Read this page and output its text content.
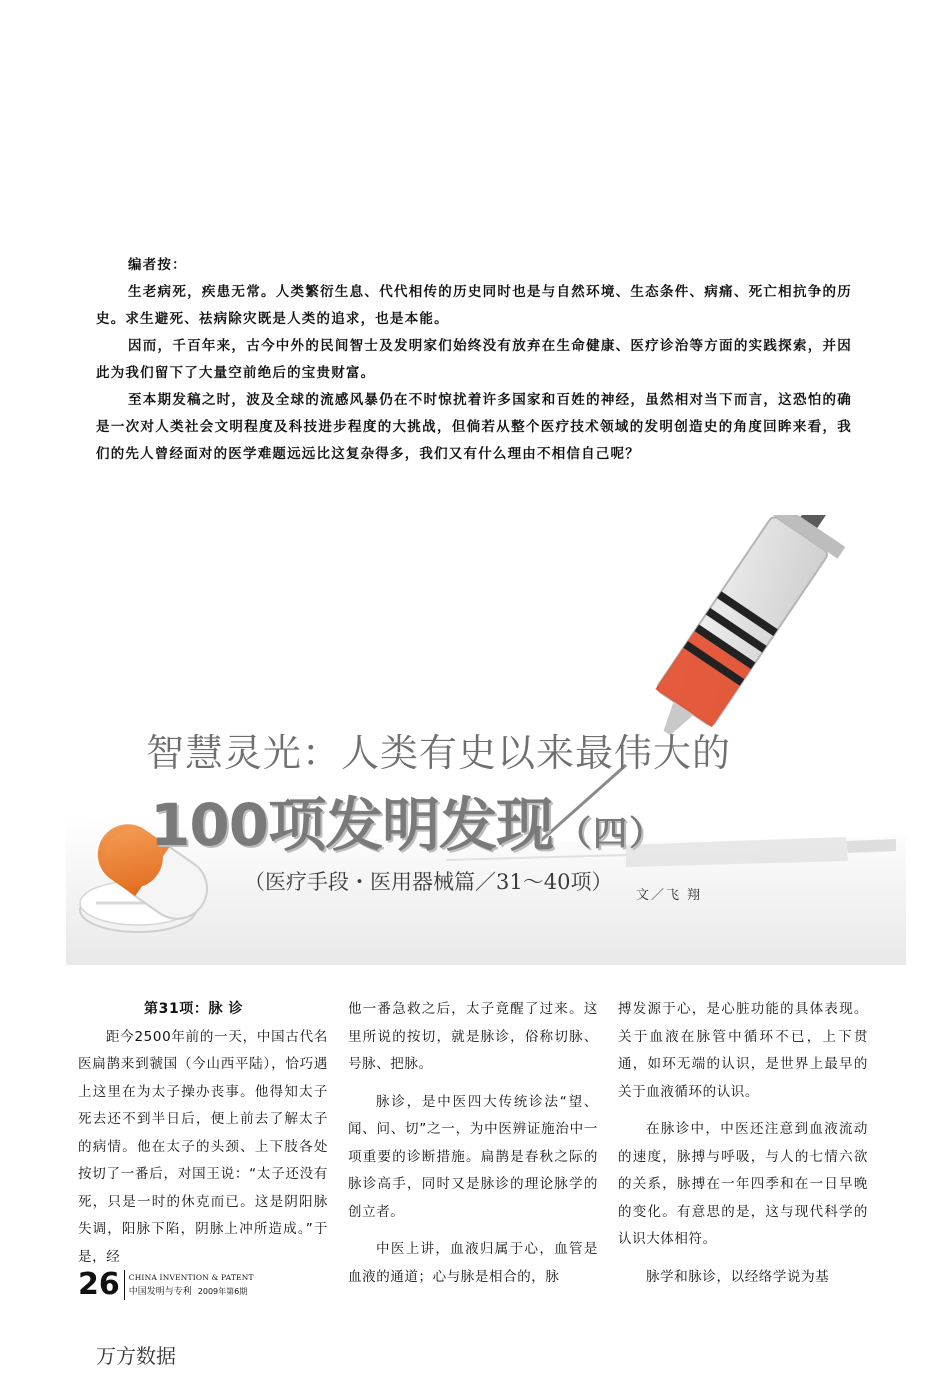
编者按：

生老病死，疾患无常。人类繁衍生息、代代相传的历史同时也是与自然环境、生态条件、病痛、死亡相抗争的历史。求生避死、祛病除灾既是人类的追求，也是本能。

因而，千百年来，古今中外的民间智士及发明家们始终没有放弃在生命健康、医疗诊治等方面的实践探索，并因此为我们留下了大量空前绝后的宝贵财富。

至本期发稿之时，波及全球的流感风暴仍在不时惊扰着许多国家和百姓的神经，虽然相对当下而言，这恐怕的确是一次对人类社会文明程度及科技进步程度的大挑战，但倘若从整个医疗技术领域的发明创造史的角度回眸来看，我们的先人曾经面对的医学难题远远比这复杂得多，我们又有什么理由不相信自己呢？

智慧灵光：人类有史以来最伟大的
100项发明发现 （四）
（医疗手段・医用器械篇／31～40项）
文／飞 翔
第31项：脉 诊

距今2500年前的一天，中国古代名医扁鹊来到虢国（今山西平陆），恰巧遇上这里在为太子操办丧事。他得知太子死去还不到半日后，便上前去了解太子的病情。他在太子的头颈、上下肢各处按切了一番后，对国王说：“太子还没有死，只是一时的休克而已。这是阴阳脉失调，阳脉下陷，阴脉上冲所造成。”于是，经

他一番急救之后，太子竟醒了过来。这里所说的按切，就是脉诊，俗称切脉、号脉、把脉。

脉诊，是中医四大传统诊法“望、闻、问、切”之一，为中医辨证施治中一项重要的诊断措施。扁鹊是春秋之际的脉诊高手，同时又是脉诊的理论脉学的创立者。

中医上讲，血液归属于心，血管是血液的通道；心与脉是相合的，脉

搏发源于心，是心脏功能的具体表现。关于血液在脉管中循环不已，上下贯通，如环无端的认识，是世界上最早的关于血液循环的认识。

在脉诊中，中医还注意到血液流动的速度，脉搏与呼吸，与人的七情六欲的关系，脉搏在一年四季和在一日早晚的变化。有意思的是，这与现代科学的认识大体相符。

脉学和脉诊，以经络学说为基

26	CHINA INVENTION & PATENT
中国发明与专利 2009年第6期
万方数据
